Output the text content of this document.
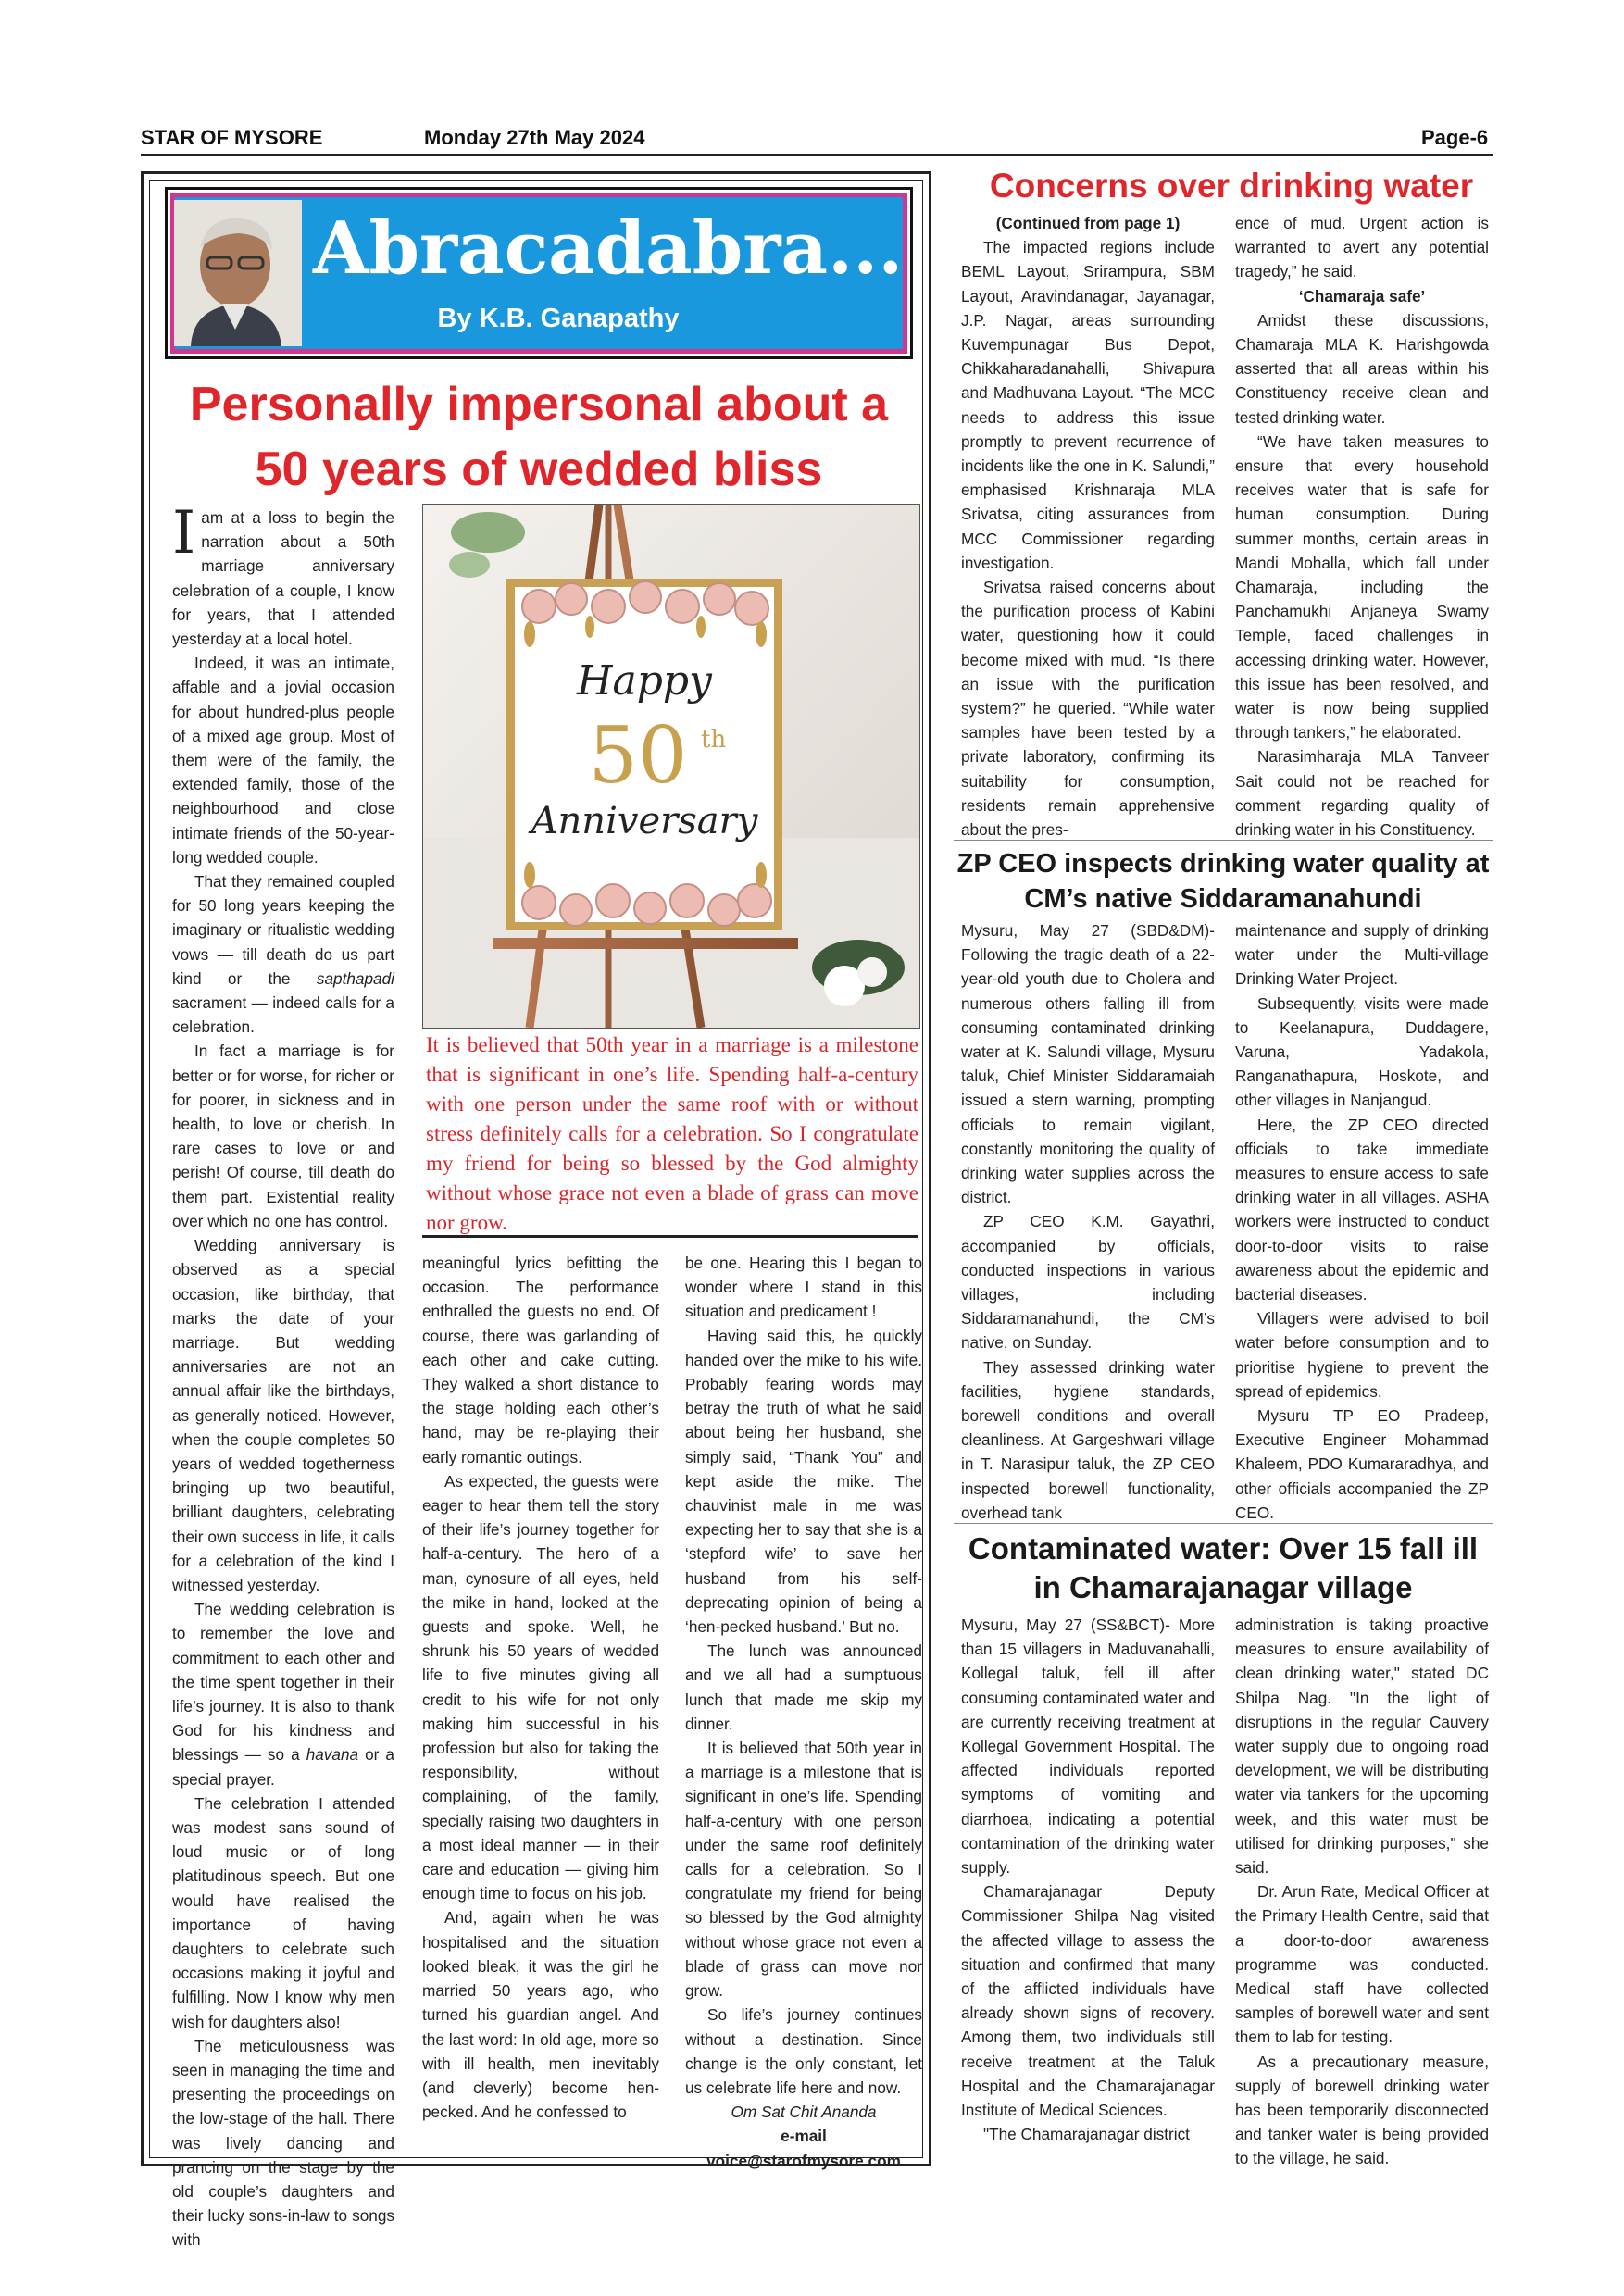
STAR OF MYSORE	Monday 27th May 2024	Page-6
Abracadabra...
By K.B. Ganapathy
Personally impersonal about a 50 years of wedded bliss

Iam at a loss to begin the narration about a 50th marriage anniversary celebration of a couple, I know for years, that I attended yesterday at a local hotel.

Indeed, it was an intimate, affable and a jovial occasion for about hundred-plus people of a mixed age group. Most of them were of the family, the extended family, those of the neighbourhood and close intimate friends of the 50-year-long wedded couple.

That they remained coupled for 50 long years keeping the imaginary or ritualistic wedding vows — till death do us part kind or the sapthapadi sacrament — indeed calls for a celebration.

In fact a marriage is for better or for worse, for richer or for poorer, in sickness and in health, to love or cherish. In rare cases to love or and perish! Of course, till death do them part. Existential reality over which no one has control.

Wedding anniversary is observed as a special occasion, like birthday, that marks the date of your marriage. But wedding anniversaries are not an annual affair like the birthdays, as generally noticed. However, when the couple completes 50 years of wedded togetherness bringing up two beautiful, brilliant daughters, celebrating their own success in life, it calls for a celebration of the kind I witnessed yesterday.

The wedding celebration is to remember the love and commitment to each other and the time spent together in their life’s journey. It is also to thank God for his kindness and blessings — so a havana or a special prayer.

The celebration I attended was modest sans sound of loud music or of long platitudinous speech. But one would have realised the importance of having daughters to celebrate such occasions making it joyful and fulfilling. Now I know why men wish for daughters also!

The meticulousness was seen in managing the time and presenting the proceedings on the low-stage of the hall. There was lively dancing and prancing on the stage by the old couple’s daughters and their lucky sons-in-law to songs with

Happy
50 th
Anniversary
It is believed that 50th year in a marriage is a milestone that is significant in one’s life. Spending half-a-century with one person under the same roof with or without stress definitely calls for a celebration. So I congratulate my friend for being so blessed by the God almighty without whose grace not even a blade of grass can move nor grow.

meaningful lyrics befitting the occasion. The performance enthralled the guests no end. Of course, there was garlanding of each other and cake cutting. They walked a short distance to the stage holding each other’s hand, may be re-playing their early romantic outings.

As expected, the guests were eager to hear them tell the story of their life’s journey together for half-a-century. The hero of a man, cynosure of all eyes, held the mike in hand, looked at the guests and spoke. Well, he shrunk his 50 years of wedded life to five minutes giving all credit to his wife for not only making him successful in his profession but also for taking the responsibility, without complaining, of the family, specially raising two daughters in a most ideal manner — in their care and education — giving him enough time to focus on his job.

And, again when he was hospitalised and the situation looked bleak, it was the girl he married 50 years ago, who turned his guardian angel. And the last word: In old age, more so with ill health, men inevitably (and cleverly) become hen-pecked. And he confessed to

be one. Hearing this I began to wonder where I stand in this situation and predicament !

Having said this, he quickly handed over the mike to his wife. Probably fearing words may betray the truth of what he said about being her husband, she simply said, “Thank You” and kept aside the mike. The chauvinist male in me was expecting her to say that she is a ‘stepford wife’ to save her husband from his self-deprecating opinion of being a ‘hen-pecked husband.’ But no.

The lunch was announced and we all had a sumptuous lunch that made me skip my dinner.

It is believed that 50th year in a marriage is a milestone that is significant in one’s life. Spending half-a-century with one person under the same roof definitely calls for a celebration. So I congratulate my friend for being so blessed by the God almighty without whose grace not even a blade of grass can move nor grow.

So life’s journey continues without a destination. Since change is the only constant, let us celebrate life here and now.

Om Sat Chit Ananda

e-mail

voice@starofmysore.com

Concerns over drinking water

(Continued from page 1)

The impacted regions include BEML Layout, Srirampura, SBM Layout, Aravindanagar, Jayanagar, J.P. Nagar, areas surrounding Kuvempunagar Bus Depot, Chikkaharadanahalli, Shivapura and Madhuvana Layout. “The MCC needs to address this issue promptly to prevent recurrence of incidents like the one in K. Salundi,” emphasised Krishnaraja MLA Srivatsa, citing assurances from MCC Commissioner regarding investigation.

Srivatsa raised concerns about the purification process of Kabini water, questioning how it could become mixed with mud. “Is there an issue with the purification system?” he queried. “While water samples have been tested by a private laboratory, confirming its suitability for consumption, residents remain apprehensive about the pres-

ence of mud. Urgent action is warranted to avert any potential tragedy,” he said.

‘Chamaraja safe’

Amidst these discussions, Chamaraja MLA K. Harishgowda asserted that all areas within his Constituency receive clean and tested drinking water.

“We have taken measures to ensure that every household receives water that is safe for human consumption. During summer months, certain areas in Mandi Mohalla, which fall under Chamaraja, including the Panchamukhi Anjaneya Swamy Temple, faced challenges in accessing drinking water. However, this issue has been resolved, and water is now being supplied through tankers,” he elaborated.

Narasimharaja MLA Tanveer Sait could not be reached for comment regarding quality of drinking water in his Constituency.

ZP CEO inspects drinking water quality at CM’s native Siddaramanahundi

Mysuru, May 27 (SBD&DM)- Following the tragic death of a 22-year-old youth due to Cholera and numerous others falling ill from consuming contaminated drinking water at K. Salundi village, Mysuru taluk, Chief Minister Siddaramaiah issued a stern warning, prompting officials to remain vigilant, constantly monitoring the quality of drinking water supplies across the district.

ZP CEO K.M. Gayathri, accompanied by officials, conducted inspections in various villages, including Siddaramanahundi, the CM’s native, on Sunday.

They assessed drinking water facilities, hygiene standards, borewell conditions and overall cleanliness. At Gargeshwari village in T. Narasipur taluk, the ZP CEO inspected borewell functionality, overhead tank

maintenance and supply of drinking water under the Multi-village Drinking Water Project.

Subsequently, visits were made to Keelanapura, Duddagere, Varuna, Yadakola, Ranganathapura, Hoskote, and other villages in Nanjangud.

Here, the ZP CEO directed officials to take immediate measures to ensure access to safe drinking water in all villages. ASHA workers were instructed to conduct door-to-door visits to raise awareness about the epidemic and bacterial diseases.

Villagers were advised to boil water before consumption and to prioritise hygiene to prevent the spread of epidemics.

Mysuru TP EO Pradeep, Executive Engineer Mohammad Khaleem, PDO Kumararadhya, and other officials accompanied the ZP CEO.

Contaminated water: Over 15 fall ill in Chamarajanagar village

Mysuru, May 27 (SS&BCT)- More than 15 villagers in Maduvanahalli, Kollegal taluk, fell ill after consuming contaminated water and are currently receiving treatment at Kollegal Government Hospital. The affected individuals reported symptoms of vomiting and diarrhoea, indicating a potential contamination of the drinking water supply.

Chamarajanagar Deputy Commissioner Shilpa Nag visited the affected village to assess the situation and confirmed that many of the afflicted individuals have already shown signs of recovery. Among them, two individuals still receive treatment at the Taluk Hospital and the Chamarajanagar Institute of Medical Sciences.

"The Chamarajanagar district

administration is taking proactive measures to ensure availability of clean drinking water," stated DC Shilpa Nag. "In the light of disruptions in the regular Cauvery water supply due to ongoing road development, we will be distributing water via tankers for the upcoming week, and this water must be utilised for drinking purposes," she said.

Dr. Arun Rate, Medical Officer at the Primary Health Centre, said that a door-to-door awareness programme was conducted. Medical staff have collected samples of borewell water and sent them to lab for testing.

As a precautionary measure, supply of borewell drinking water has been temporarily disconnected and tanker water is being provided to the village, he said.
